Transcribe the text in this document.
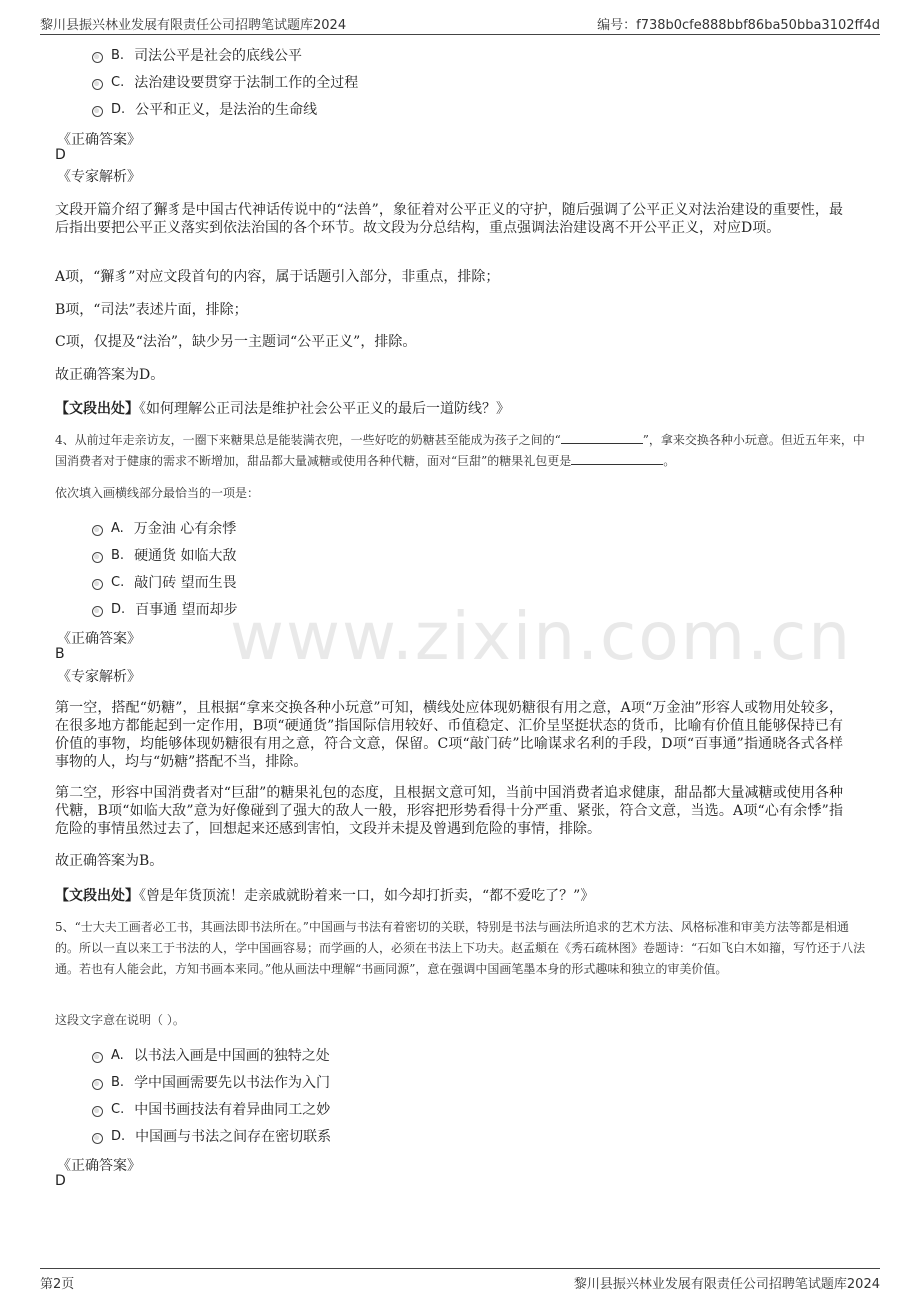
黎川县振兴林业发展有限责任公司招聘笔试题库2024	编号：f738b0cfe888bbf86ba50bba3102ff4d
www.zixin.com.cn
B. 司法公平是社会的底线公平
C. 法治建设要贯穿于法制工作的全过程
D. 公平和正义，是法治的生命线
《正确答案》
D
《专家解析》
文段开篇介绍了獬豸是中国古代神话传说中的“法兽”，象征着对公平正义的守护，随后强调了公平正义对法治建设的重要性，最后指出要把公平正义落实到依法治国的各个环节。故文段为分总结构，重点强调法治建设离不开公平正义，对应D项。
A项，“獬豸”对应文段首句的内容，属于话题引入部分，非重点，排除；
B项，“司法”表述片面，排除；
C项，仅提及“法治”，缺少另一主题词“公平正义”，排除。
故正确答案为D。
【文段出处】《如何理解公正司法是维护社会公平正义的最后一道防线？》
4、从前过年走亲访友，一圈下来糖果总是能装满衣兜，一些好吃的奶糖甚至能成为孩子之间的“	”，拿来交换各种小玩意。但近五年来，中国消费者对于健康的需求不断增加，甜品都大量减糖或使用各种代糖，面对“巨甜”的糖果礼包更是	。
依次填入画横线部分最恰当的一项是：
A. 万金油 心有余悸
B. 硬通货 如临大敌
C. 敲门砖 望而生畏
D. 百事通 望而却步
《正确答案》
B
《专家解析》
第一空，搭配“奶糖”，且根据“拿来交换各种小玩意”可知，横线处应体现奶糖很有用之意，A项“万金油”形容人或物用处较多，在很多地方都能起到一定作用，B项“硬通货”指国际信用较好、币值稳定、汇价呈坚挺状态的货币，比喻有价值且能够保持已有价值的事物，均能够体现奶糖很有用之意，符合文意，保留。C项“敲门砖”比喻谋求名利的手段，D项“百事通”指通晓各式各样事物的人，均与“奶糖”搭配不当，排除。
第二空，形容中国消费者对“巨甜”的糖果礼包的态度，且根据文意可知，当前中国消费者追求健康，甜品都大量减糖或使用各种代糖，B项“如临大敌”意为好像碰到了强大的敌人一般，形容把形势看得十分严重、紧张，符合文意，当选。A项“心有余悸”指危险的事情虽然过去了，回想起来还感到害怕，文段并未提及曾遇到危险的事情，排除。
故正确答案为B。
【文段出处】《曾是年货顶流！走亲戚就盼着来一口，如今却打折卖，“都不爱吃了？”》
5、“士大夫工画者必工书，其画法即书法所在。”中国画与书法有着密切的关联，特别是书法与画法所追求的艺术方法、风格标准和审美方法等都是相通的。所以一直以来工于书法的人，学中国画容易；而学画的人，必须在书法上下功夫。赵孟頫在《秀石疏林图》卷题诗：“石如飞白木如籀，写竹还于八法通。若也有人能会此，方知书画本来同。”他从画法中理解“书画同源”，意在强调中国画笔墨本身的形式趣味和独立的审美价值。
这段文字意在说明（ ）。
A. 以书法入画是中国画的独特之处
B. 学中国画需要先以书法作为入门
C. 中国书画技法有着异曲同工之妙
D. 中国画与书法之间存在密切联系
《正确答案》
D
第2页	黎川县振兴林业发展有限责任公司招聘笔试题库2024
